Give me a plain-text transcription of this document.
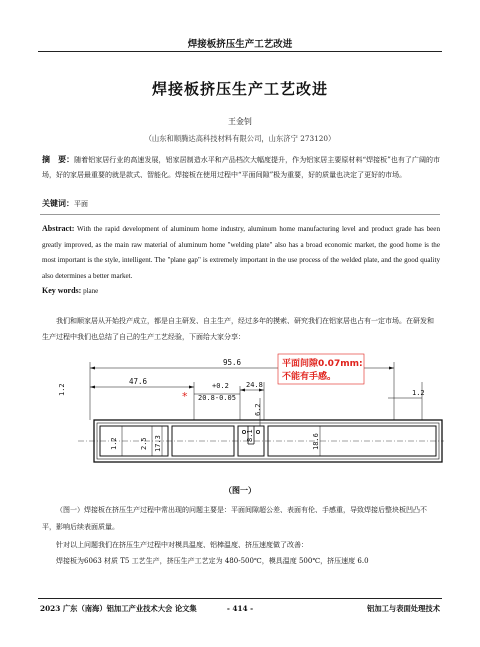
焊接板挤压生产工艺改进
焊接板挤压生产工艺改进
王金钊
（山东和顺腾达高科技材料有限公司，山东济宁 273120）
摘　要：随着铝家居行业的高速发展，铝家居制造水平和产品档次大幅度提升，作为铝家居主要原材料“焊接板”也有了广阔的市场，好的家居最重要的就是款式、智能化。焊接板在使用过程中“平面间隙”极为重要，好的质量也决定了更好的市场。
关键词：平面
Abstract: With the rapid development of aluminum home industry, aluminum home manufacturing level and product grade has been greatly improved, as the main raw material of aluminum home "welding plate" also has a broad economic market, the good home is the most important is the style, intelligent. The "plane gap" is extremely important in the use process of the welded plate, and the good quality also determines a better market.
Key words: plane
我们和顺家居从开始投产成立，都是自主研发、自主生产，经过多年的摸索、研究我们在铝家居也占有一定市场。在研发和生产过程中我们也总结了自己的生产工艺经验，下面给大家分享：
95.6
47.6	+0.2
20.8-0.05
24.8
1.2
1.2
6.2
1.2	2.5 17.3	8.1	18.6
*
平面间隙0.07mm:
不能有手感。
（图一）
（图一）焊接板在挤压生产过程中常出现的问题主要是：平面间隙超公差、表面有伦、手感重，导致焊接后整块板凹凸不平，影响后续表面质量。
针对以上问题我们在挤压生产过程中对模具温度、铝棒温度、挤压速度做了改善：
焊接板为6063 材质 T5 工艺生产，挤压生产工艺定为 480-500℃，模具温度 500℃，挤压速度 6.0
2023 广东（南海）铝加工产业技术大会 论文集	- 414 -	铝加工与表面处理技术
